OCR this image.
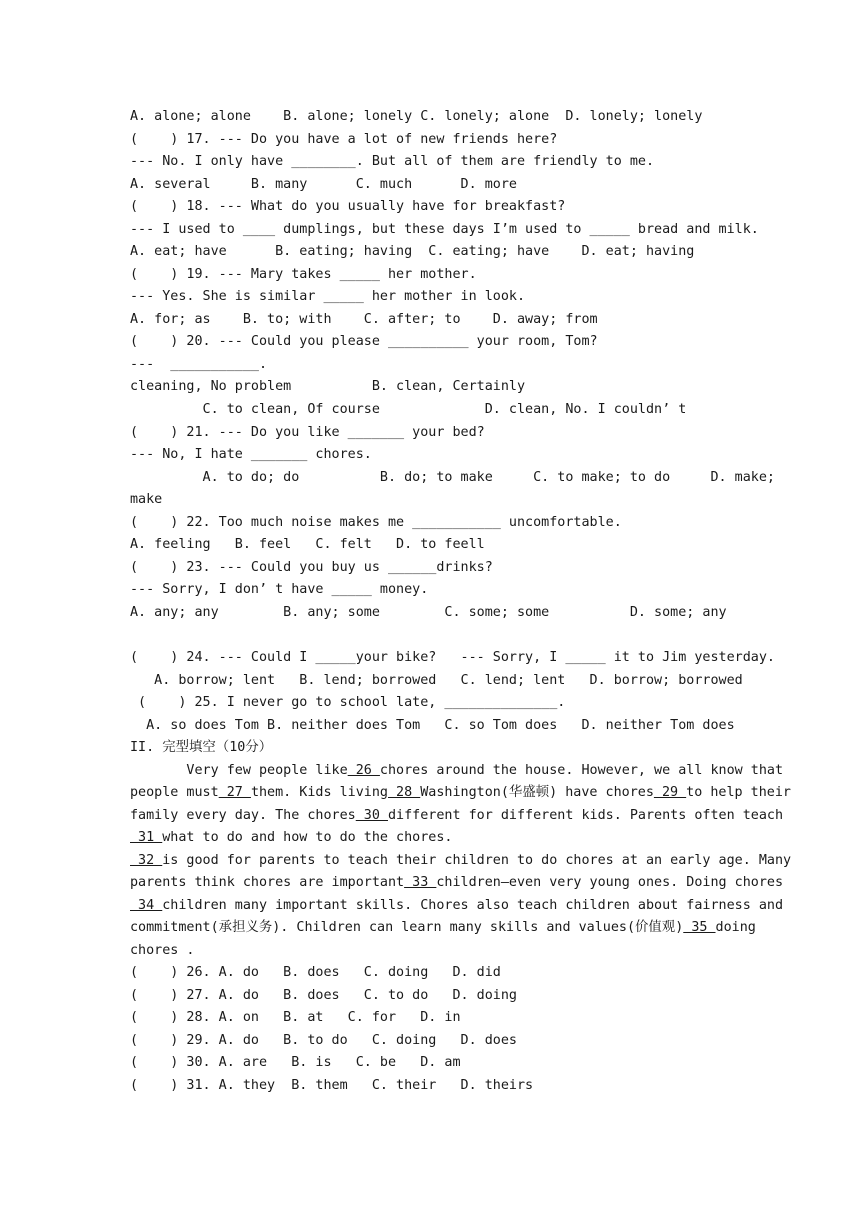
A. alone; alone    B. alone; lonely C. lonely; alone  D. lonely; lonely
(    ) 17. --- Do you have a lot of new friends here?
--- No. I only have ________. But all of them are friendly to me.
A. several     B. many      C. much      D. more
(    ) 18. --- What do you usually have for breakfast?
--- I used to ____ dumplings, but these days I’m used to _____ bread and milk.
A. eat; have      B. eating; having  C. eating; have    D. eat; having
(    ) 19. --- Mary takes _____ her mother.
--- Yes. She is similar _____ her mother in look.
A. for; as    B. to; with    C. after; to    D. away; from
(    ) 20. --- Could you please __________ your room, Tom?
---  ___________.
cleaning, No problem          B. clean, Certainly
C. to clean, Of course             D. clean, No. I couldn’ t
(    ) 21. --- Do you like _______ your bed?
--- No, I hate _______ chores.
A. to do; do          B. do; to make     C. to make; to do     D. make;
make
(    ) 22. Too much noise makes me ___________ uncomfortable.
A. feeling   B. feel   C. felt   D. to feell
(    ) 23. --- Could you buy us ______drinks?
--- Sorry, I don’ t have _____ money.
A. any; any        B. any; some        C. some; some          D. some; any
(    ) 24. --- Could I _____your bike?   --- Sorry, I _____ it to Jim yesterday.
A. borrow; lent   B. lend; borrowed   C. lend; lent   D. borrow; borrowed
(    ) 25. I never go to school late, ______________.
A. so does Tom B. neither does Tom   C. so Tom does   D. neither Tom does
II. 完型填空（10分）
Very few people like 26 chores around the house. However, we all know that
people must 27 them. Kids living 28 Washington(华盛顿) have chores 29 to help their
family every day. The chores 30 different for different kids. Parents often teach
31 what to do and how to do the chores.
32 is good for parents to teach their children to do chores at an early age. Many
parents think chores are important 33 children—even very young ones. Doing chores
34 children many important skills. Chores also teach children about fairness and
commitment(承担义务). Children can learn many skills and values(价值观) 35 doing
chores .
(    ) 26. A. do   B. does   C. doing   D. did
(    ) 27. A. do   B. does   C. to do   D. doing
(    ) 28. A. on   B. at   C. for   D. in
(    ) 29. A. do   B. to do   C. doing   D. does
(    ) 30. A. are   B. is   C. be   D. am
(    ) 31. A. they  B. them   C. their   D. theirs
